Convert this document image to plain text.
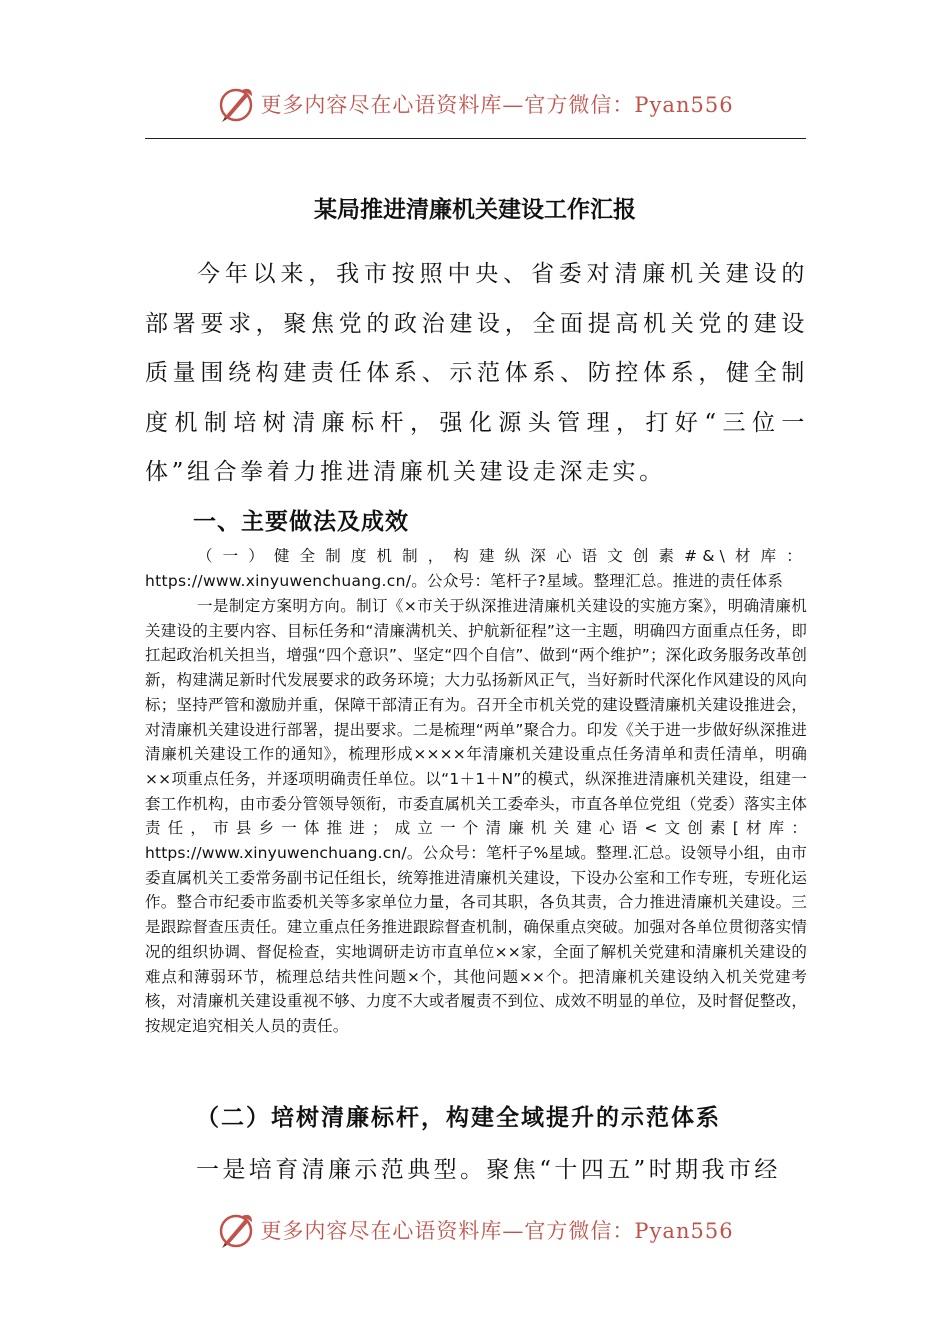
更多内容尽在心语资料库—官方微信：Pyan556
某局推进清廉机关建设工作汇报

今年以来，我市按照中央、省委对清廉机关建设的部署要求，聚焦党的政治建设，全面提高机关党的建设质量围绕构建责任体系、示范体系、防控体系，健全制度机制培树清廉标杆，强化源头管理，打好“三位一体”组合拳着力推进清廉机关建设走深走实。

一、主要做法及成效

（一）健全制度机制，构建纵深心语文创素#&\材库：https://www.xinyuwenchuang.cn/。公众号：笔杆子?星域。整理汇总。推进的责任体系

一是制定方案明方向。制订《×市关于纵深推进清廉机关建设的实施方案》，明确清廉机关建设的主要内容、目标任务和“清廉满机关、护航新征程”这一主题，明确四方面重点任务，即扛起政治机关担当，增强“四个意识”、坚定“四个自信”、做到“两个维护”；深化政务服务改革创新，构建满足新时代发展要求的政务环境；大力弘扬新风正气，当好新时代深化作风建设的风向标；坚持严管和激励并重，保障干部清正有为。召开全市机关党的建设暨清廉机关建设推进会，对清廉机关建设进行部署，提出要求。二是梳理“两单”聚合力。印发《关于进一步做好纵深推进清廉机关建设工作的通知》，梳理形成××××年清廉机关建设重点任务清单和责任清单，明确××项重点任务，并逐项明确责任单位。以“1＋1＋N”的模式，纵深推进清廉机关建设，组建一套工作机构，由市委分管领导领衔，市委直属机关工委牵头，市直各单位党组（党委）落实主体责任，市县乡一体推进；成立一个清廉机关建心语<文创素[材库：https://www.xinyuwenchuang.cn/。公众号：笔杆子%星域。整理.汇总。设领导小组，由市委直属机关工委常务副书记任组长，统筹推进清廉机关建设，下设办公室和工作专班，专班化运作。整合市纪委市监委机关等多家单位力量，各司其职，各负其责，合力推进清廉机关建设。三是跟踪督查压责任。建立重点任务推进跟踪督查机制，确保重点突破。加强对各单位贯彻落实情况的组织协调、督促检查，实地调研走访市直单位××家，全面了解机关党建和清廉机关建设的难点和薄弱环节，梳理总结共性问题×个，其他问题××个。把清廉机关建设纳入机关党建考核，对清廉机关建设重视不够、力度不大或者履责不到位、成效不明显的单位，及时督促整改，按规定追究相关人员的责任。

（二）培树清廉标杆，构建全域提升的示范体系

一是培育清廉示范典型。聚焦“十四五”时期我市经

更多内容尽在心语资料库—官方微信：Pyan556
